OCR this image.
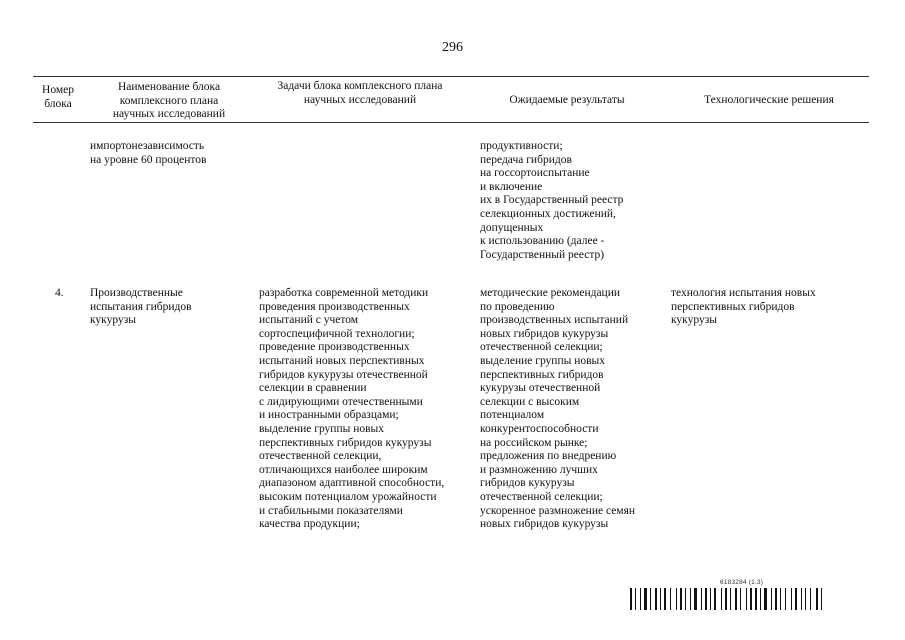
296
Номер
блока
Наименование блока
комплексного плана
научных исследований
Задачи блока комплексного плана
научных исследований	Ожидаемые результаты	Технологические решения
импортонезависимость
на уровне 60 процентов
продуктивности;
передача гибридов
на госсортоиспытание
и включение
их в Государственный реестр
селекционных достижений,
допущенных
к использованию (далее -
Государственный реестр)
4. Производственные
испытания гибридов
кукурузы
разработка современной методики
проведения производственных
испытаний с учетом
сортоспецифичной технологии;
проведение производственных
испытаний новых перспективных
гибридов кукурузы отечественной
селекции в сравнении
с лидирующими отечественными
и иностранными образцами;
выделение группы новых
перспективных гибридов кукурузы
отечественной селекции,
отличающихся наиболее широким
диапазоном адаптивной способности,
высоким потенциалом урожайности
и стабильными показателями
качества продукции;
методические рекомендации
по проведению
производственных испытаний
новых гибридов кукурузы
отечественной селекции;
выделение группы новых
перспективных гибридов
кукурузы отечественной
селекции с высоким
потенциалом
конкурентоспособности
на российском рынке;
предложения по внедрению
и размножению лучших
гибридов кукурузы
отечественной селекции;
ускоренное размножение семян
новых гибридов кукурузы
технология испытания новых
перспективных гибридов
кукурузы
6183284 (1.3)
